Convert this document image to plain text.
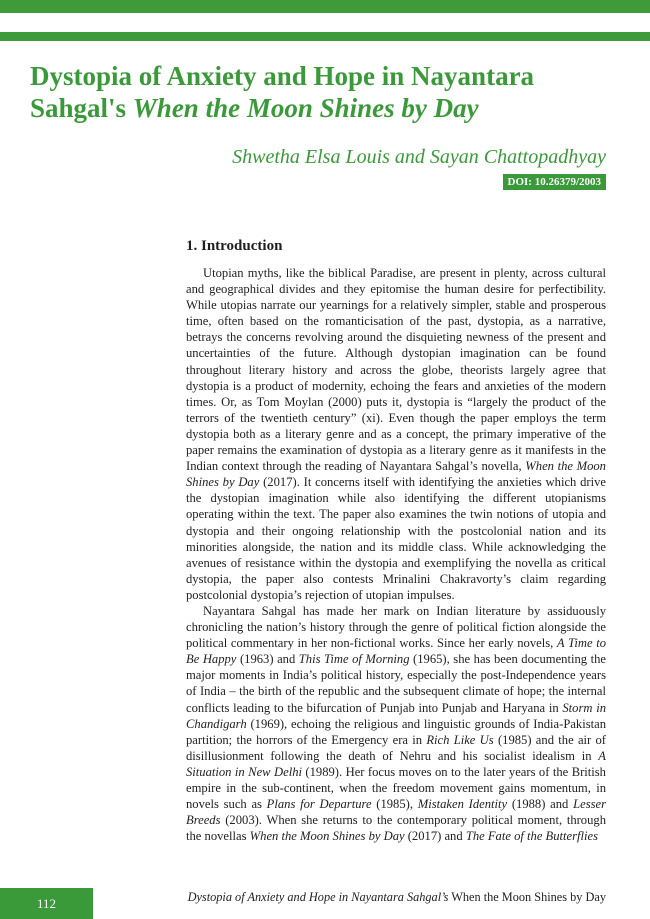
Dystopia of Anxiety and Hope in Nayantara
Sahgal's When the Moon Shines by Day
Shwetha Elsa Louis and Sayan Chattopadhyay
DOI: 10.26379/2003
1. Introduction

Utopian myths, like the biblical Paradise, are present in plenty, across cultural and geographical divides and they epitomise the human desire for perfectibility. While utopias narrate our yearnings for a relatively simpler, stable and prosperous time, often based on the romanticisation of the past, dystopia, as a narrative, betrays the concerns revolving around the disquieting newness of the present and uncertainties of the future. Although dystopian imagination can be found throughout literary history and across the globe, theorists largely agree that dystopia is a product of modernity, echoing the fears and anxieties of the modern times. Or, as Tom Moylan (2000) puts it, dystopia is “largely the product of the terrors of the twentieth century” (xi). Even though the paper employs the term dystopia both as a literary genre and as a concept, the primary imperative of the paper remains the examination of dystopia as a literary genre as it manifests in the Indian context through the reading of Nayantara Sahgal’s novella, When the Moon Shines by Day (2017). It concerns itself with identifying the anxieties which drive the dystopian imagination while also identifying the different utopianisms operating within the text. The paper also examines the twin notions of utopia and dystopia and their ongoing relationship with the postcolonial nation and its minorities alongside, the nation and its middle class. While acknowledging the avenues of resistance within the dystopia and exemplifying the novella as critical dystopia, the paper also contests Mrinalini Chakravorty’s claim regarding postcolonial dystopia’s rejection of utopian impulses.

Nayantara Sahgal has made her mark on Indian literature by assiduously chronicling the nation’s history through the genre of political fiction alongside the political commentary in her non-fictional works. Since her early novels, A Time to Be Happy (1963) and This Time of Morning (1965), she has been documenting the major moments in India’s political history, especially the post-Independence years of India – the birth of the republic and the subsequent climate of hope; the internal conflicts leading to the bifurcation of Punjab into Punjab and Haryana in Storm in Chandigarh (1969), echoing the religious and linguistic grounds of India-Pakistan partition; the horrors of the Emergency era in Rich Like Us (1985) and the air of disillusionment following the death of Nehru and his socialist idealism in A Situation in New Delhi (1989). Her focus moves on to the later years of the British empire in the sub-continent, when the freedom movement gains momentum, in novels such as Plans for Departure (1985), Mistaken Identity (1988) and Lesser Breeds (2003). When she returns to the contemporary political moment, through the novellas When the Moon Shines by Day (2017) and The Fate of the Butterflies

112	Dystopia of Anxiety and Hope in Nayantara Sahgal’s When the Moon Shines by Day
